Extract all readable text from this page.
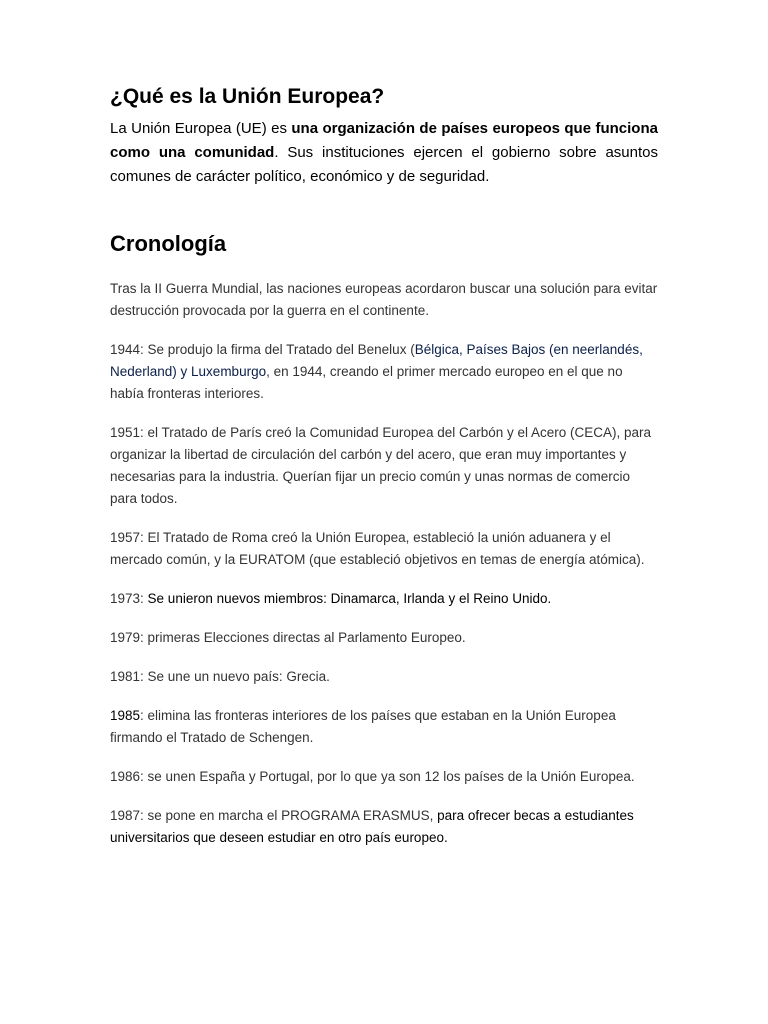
¿Qué es la Unión Europea?

La Unión Europea (UE) es una organización de países europeos que funciona como una comunidad. Sus instituciones ejercen el gobierno sobre asuntos comunes de carácter político, económico y de seguridad.

Cronología

Tras la II Guerra Mundial, las naciones europeas acordaron buscar una solución para evitar destrucción provocada por la guerra en el continente.

1944: Se produjo la firma del Tratado del Benelux (Bélgica, Países Bajos (en neerlandés, Nederland) y Luxemburgo, en 1944, creando el primer mercado europeo en el que no había fronteras interiores.

1951: el Tratado de París creó la Comunidad Europea del Carbón y el Acero (CECA), para organizar la libertad de circulación del carbón y del acero, que eran muy importantes y necesarias para la industria. Querían fijar un precio común y unas normas de comercio para todos.

1957: El Tratado de Roma creó la Unión Europea, estableció la unión aduanera y el mercado común, y la EURATOM (que estableció objetivos en temas de energía atómica).

1973: Se unieron nuevos miembros: Dinamarca, Irlanda y el Reino Unido.

1979: primeras Elecciones directas al Parlamento Europeo.

1981: Se une un nuevo país: Grecia.

1985: elimina las fronteras interiores de los países que estaban en la Unión Europea firmando el Tratado de Schengen.

1986: se unen España y Portugal, por lo que ya son 12 los países de la Unión Europea.

1987: se pone en marcha el PROGRAMA ERASMUS, para ofrecer becas a estudiantes universitarios que deseen estudiar en otro país europeo.
